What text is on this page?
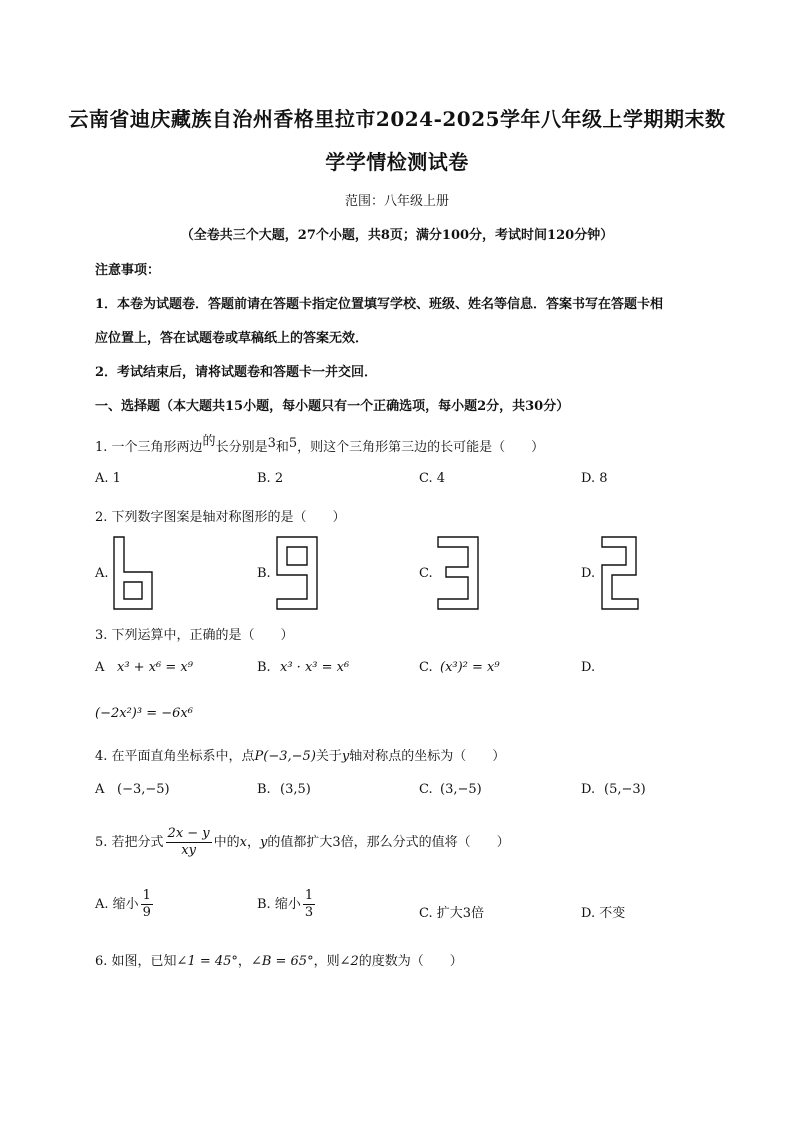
云南省迪庆藏族自治州香格里拉市2024-2025学年八年级上学期期末数
学学情检测试卷
范围：八年级上册
（全卷共三个大题，27个小题，共8页；满分100分，考试时间120分钟）
注意事项：
1．本卷为试题卷．答题前请在答题卡指定位置填写学校、班级、姓名等信息．答案书写在答题卡相
应位置上，答在试题卷或草稿纸上的答案无效．
2．考试结束后，请将试题卷和答题卡一并交回．
一、选择题（本大题共15小题，每小题只有一个正确选项，每小题2分，共30分）
1. 一个三角形两边的长分别是3和5，则这个三角形第三边的长可能是（　　）
A. 1	B. 2	C. 4	D. 8
2. 下列数字图案是轴对称图形的是（　　）
A.	B.	C.	D.
3. 下列运算中，正确的是（　　）
A x³ + x⁶ = x⁹	B. x³ · x³ = x⁶	C. (x³)² = x⁹	D.
(−2x²)³ = −6x⁶
4. 在平面直角坐标系中，点P(−3,−5)关于y轴对称点的坐标为（　　）
A (−3,−5)	B. (3,5)	C. (3,−5)	D. (5,−3)
5. 若把分式 $\frac{2x - y}{xy}$ 中的x，y的值都扩大3倍，那么分式的值将（　　）
A. 缩小 $\frac{1}{9}$	B. 缩小 $\frac{1}{3}$	C. 扩大3倍	D. 不变
6. 如图，已知∠1 = 45°，∠B = 65°，则∠2的度数为（　　）
